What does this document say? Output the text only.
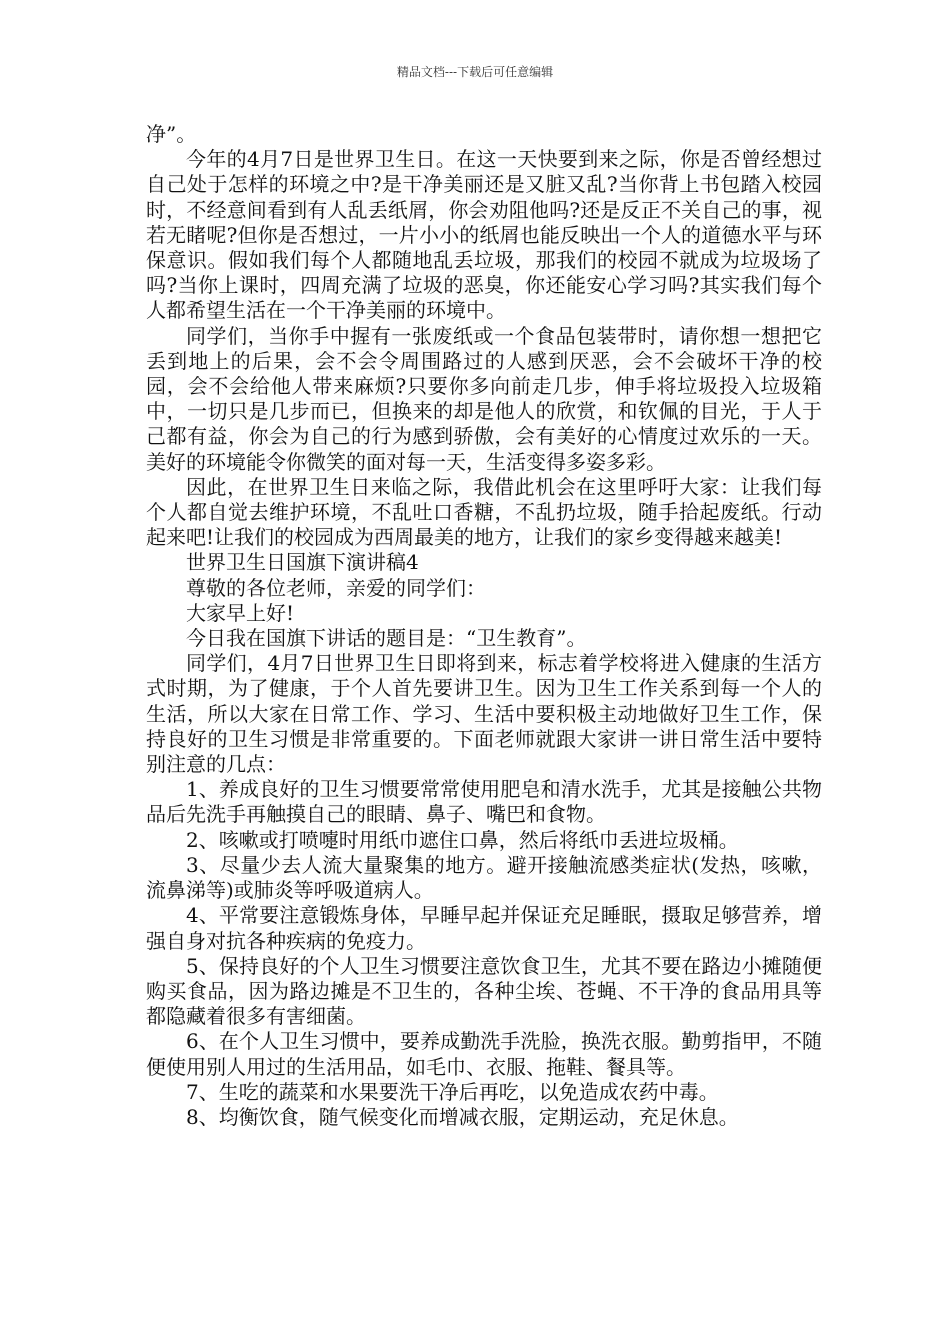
精品文档---下载后可任意编辑

净”。

今年的4月7日是世界卫生日。在这一天快要到来之际，你是否曾经想过自己处于怎样的环境之中?是干净美丽还是又脏又乱?当你背上书包踏入校园时，不经意间看到有人乱丢纸屑，你会劝阻他吗?还是反正不关自己的事，视若无睹呢?但你是否想过，一片小小的纸屑也能反映出一个人的道德水平与环保意识。假如我们每个人都随地乱丢垃圾，那我们的校园不就成为垃圾场了吗?当你上课时，四周充满了垃圾的恶臭，你还能安心学习吗?其实我们每个人都希望生活在一个干净美丽的环境中。

同学们，当你手中握有一张废纸或一个食品包装带时，请你想一想把它丢到地上的后果，会不会令周围路过的人感到厌恶，会不会破坏干净的校园，会不会给他人带来麻烦?只要你多向前走几步，伸手将垃圾投入垃圾箱中，一切只是几步而已，但换来的却是他人的欣赏，和钦佩的目光，于人于己都有益，你会为自己的行为感到骄傲，会有美好的心情度过欢乐的一天。美好的环境能令你微笑的面对每一天，生活变得多姿多彩。

因此，在世界卫生日来临之际，我借此机会在这里呼吁大家：让我们每个人都自觉去维护环境，不乱吐口香糖，不乱扔垃圾，随手拾起废纸。行动起来吧!让我们的校园成为西周最美的地方，让我们的家乡变得越来越美!

世界卫生日国旗下演讲稿4

尊敬的各位老师，亲爱的同学们：

大家早上好!

今日我在国旗下讲话的题目是：“卫生教育”。

同学们，4月7日世界卫生日即将到来，标志着学校将进入健康的生活方式时期，为了健康，于个人首先要讲卫生。因为卫生工作关系到每一个人的生活，所以大家在日常工作、学习、生活中要积极主动地做好卫生工作，保持良好的卫生习惯是非常重要的。下面老师就跟大家讲一讲日常生活中要特别注意的几点：

1、养成良好的卫生习惯要常常使用肥皂和清水洗手，尤其是接触公共物品后先洗手再触摸自己的眼睛、鼻子、嘴巴和食物。

2、咳嗽或打喷嚏时用纸巾遮住口鼻，然后将纸巾丢进垃圾桶。

3、尽量少去人流大量聚集的地方。避开接触流感类症状(发热，咳嗽，流鼻涕等)或肺炎等呼吸道病人。

4、平常要注意锻炼身体，早睡早起并保证充足睡眠，摄取足够营养，增强自身对抗各种疾病的免疫力。

5、保持良好的个人卫生习惯要注意饮食卫生，尤其不要在路边小摊随便购买食品，因为路边摊是不卫生的，各种尘埃、苍蝇、不干净的食品用具等都隐藏着很多有害细菌。

6、在个人卫生习惯中，要养成勤洗手洗脸，换洗衣服。勤剪指甲，不随便使用别人用过的生活用品，如毛巾、衣服、拖鞋、餐具等。

7、生吃的蔬菜和水果要洗干净后再吃，以免造成农药中毒。

8、均衡饮食，随气候变化而增减衣服，定期运动，充足休息。
